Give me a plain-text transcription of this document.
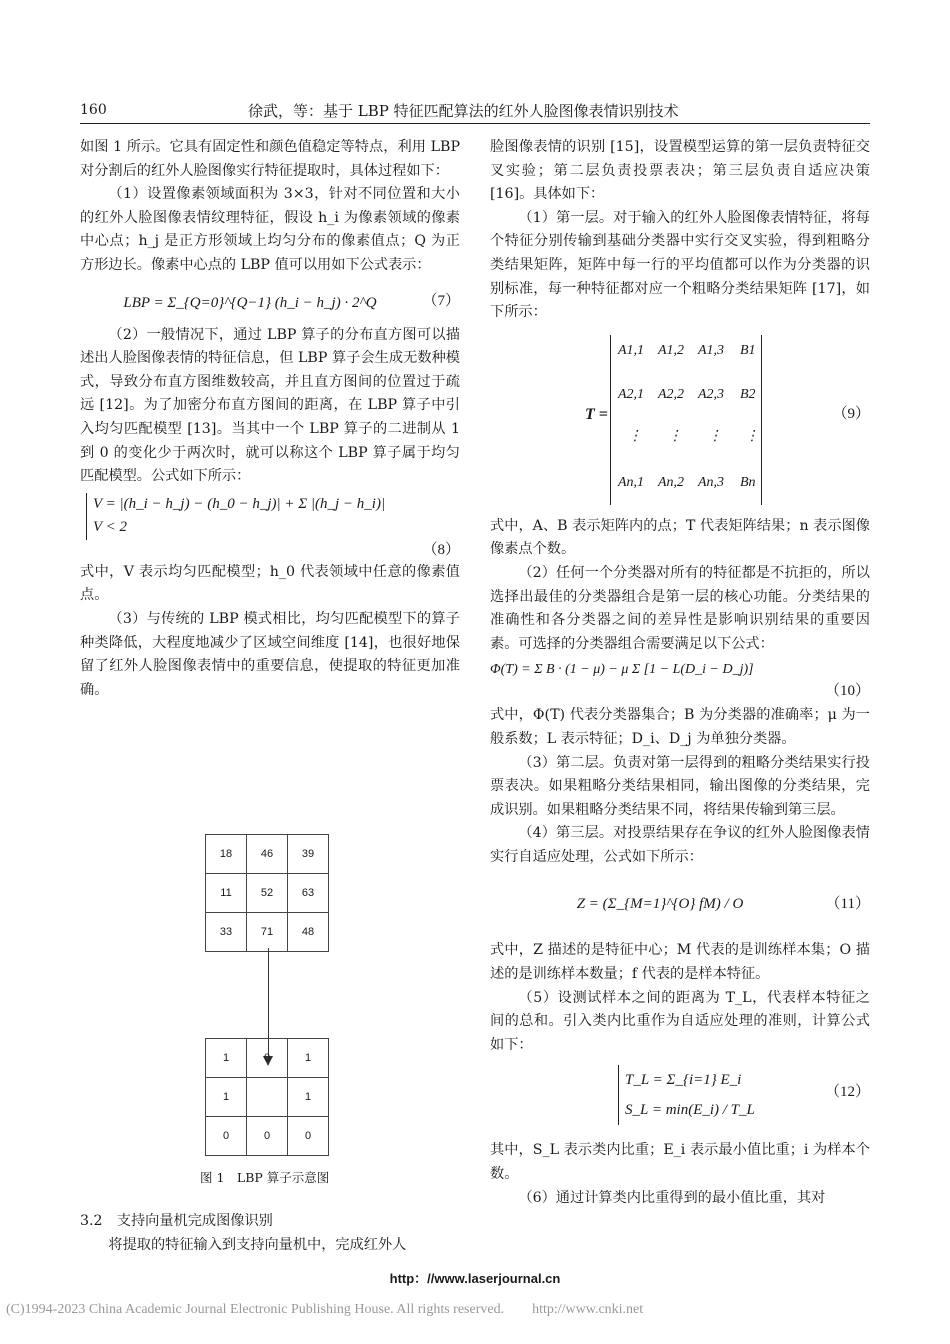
160	徐武，等：基于 LBP 特征匹配算法的红外人脸图像表情识别技术

如图 1 所示。它具有固定性和颜色值稳定等特点，利用 LBP 对分割后的红外人脸图像实行特征提取时，具体过程如下：

（1）设置像素领域面积为 3×3，针对不同位置和大小的红外人脸图像表情纹理特征，假设 h_i 为像素领域的像素中心点；h_j 是正方形领域上均匀分布的像素值点；Q 为正方形边长。像素中心点的 LBP 值可以用如下公式表示：

LBP = Σ_{Q=0}^{Q−1} (h_i − h_j) · 2^Q	（7）

（2）一般情况下，通过 LBP 算子的分布直方图可以描述出人脸图像表情的特征信息，但 LBP 算子会生成无数种模式，导致分布直方图维数较高，并且直方图间的位置过于疏远 [12]。为了加密分布直方图间的距离，在 LBP 算子中引入均匀匹配模型 [13]。当其中一个 LBP 算子的二进制从 1 到 0 的变化少于两次时，就可以称这个 LBP 算子属于均匀匹配模型。公式如下所示：

V = |(h_i − h_j) − (h_0 − h_j)| + Σ |(h_j − h_i)|
V < 2
（8）

式中，V 表示均匀匹配模型；h_0 代表领域中任意的像素值点。

（3）与传统的 LBP 模式相比，均匀匹配模型下的算子种类降低，大程度地减少了区域空间维度 [14]，也很好地保留了红外人脸图像表情中的重要信息，使提取的特征更加准确。

18	46	39
11	52	63
33	71	48
1	0	1
1		1
0	0	0
图 1　LBP 算子示意图
3.2　支持向量机完成图像识别
将提取的特征输入到支持向量机中，完成红外人

脸图像表情的识别 [15]，设置模型运算的第一层负责特征交叉实验；第二层负责投票表决；第三层负责自适应决策 [16]。具体如下：

（1）第一层。对于输入的红外人脸图像表情特征，将每个特征分别传输到基础分类器中实行交叉实验，得到粗略分类结果矩阵，矩阵中每一行的平均值都可以作为分类器的识别标准，每一种特征都对应一个粗略分类结果矩阵 [17]，如下所示：

T =
A1,1 A1,2 A1,3 B1
A2,1 A2,2 A2,3 B2
⋮ ⋮ ⋮ ⋮
An,1 An,2 An,3 Bn
（9）

式中，A、B 表示矩阵内的点；T 代表矩阵结果；n 表示图像像素点个数。

（2）任何一个分类器对所有的特征都是不抗拒的，所以选择出最佳的分类器组合是第一层的核心功能。分类结果的准确性和各分类器之间的差异性是影响识别结果的重要因素。可选择的分类器组合需要满足以下公式：

Φ(T) = Σ B · (1 − μ) − μ Σ [1 − L(D_i − D_j)]
（10）

式中，Φ(T) 代表分类器集合；B 为分类器的准确率；μ 为一般系数；L 表示特征；D_i、D_j 为单独分类器。

（3）第二层。负责对第一层得到的粗略分类结果实行投票表决。如果粗略分类结果相同，输出图像的分类结果，完成识别。如果粗略分类结果不同，将结果传输到第三层。

（4）第三层。对投票结果存在争议的红外人脸图像表情实行自适应处理，公式如下所示：

Z = (Σ_{M=1}^{O} fM) / O	（11）

式中，Z 描述的是特征中心；M 代表的是训练样本集；O 描述的是训练样本数量；f 代表的是样本特征。

（5）设测试样本之间的距离为 T_L，代表样本特征之间的总和。引入类内比重作为自适应处理的准则，计算公式如下：

T_L = Σ_{i=1} E_i
S_L = min(E_i) / T_L
（12）

其中，S_L 表示类内比重；E_i 表示最小值比重；i 为样本个数。

（6）通过计算类内比重得到的最小值比重，其对

http：//www.laserjournal.cn
(C)1994-2023 China Academic Journal Electronic Publishing House. All rights reserved.　　http://www.cnki.net
